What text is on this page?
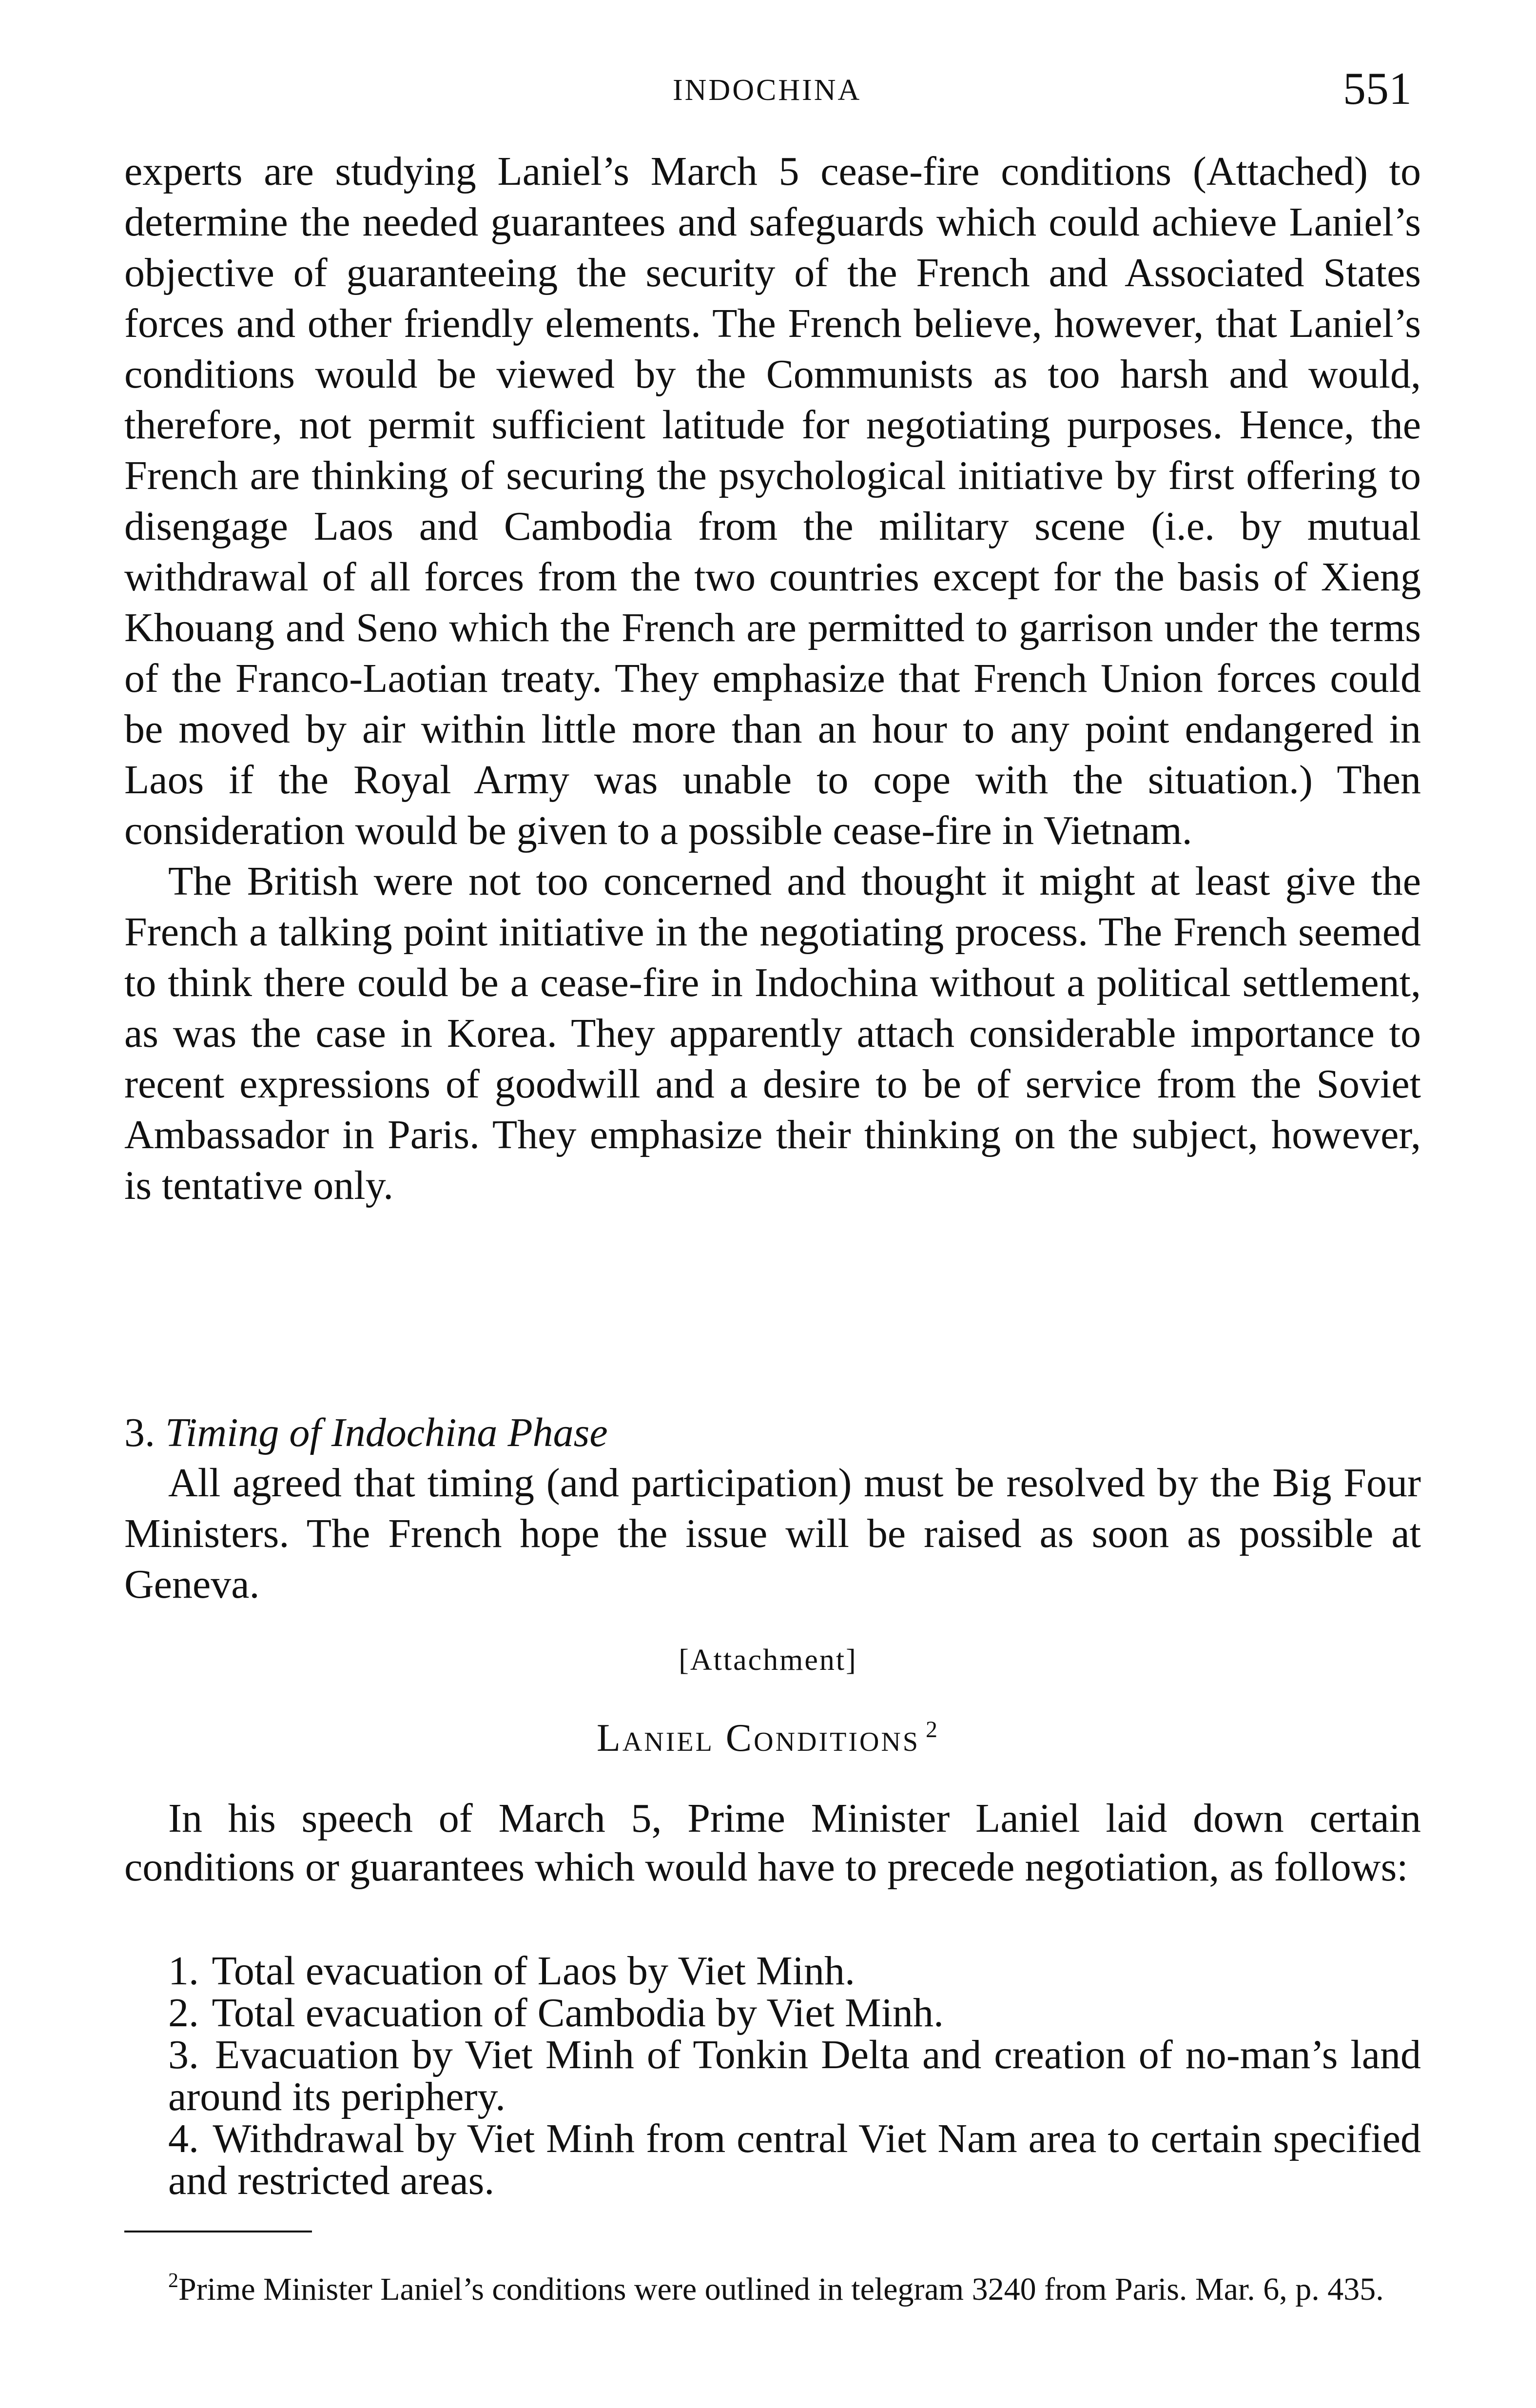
INDOCHINA	551

experts are studying Laniel’s March 5 cease-fire conditions (Attached) to determine the needed guarantees and safeguards which could achieve Laniel’s objective of guaranteeing the security of the French and Associated States forces and other friendly elements. The French believe, however, that Laniel’s conditions would be viewed by the Communists as too harsh and would, therefore, not permit sufficient latitude for negotiating purposes. Hence, the French are thinking of securing the psychological initiative by first offering to disengage Laos and Cambodia from the military scene (i.e. by mutual withdrawal of all forces from the two countries except for the basis of Xieng Khouang and Seno which the French are permitted to garrison under the terms of the Franco-Laotian treaty. They emphasize that French Union forces could be moved by air within little more than an hour to any point endangered in Laos if the Royal Army was unable to cope with the situation.) Then consideration would be given to a possible cease-fire in Vietnam.

The British were not too concerned and thought it might at least give the French a talking point initiative in the negotiating process. The French seemed to think there could be a cease-fire in Indochina without a political settlement, as was the case in Korea. They apparently attach considerable importance to recent expressions of goodwill and a desire to be of service from the Soviet Ambassador in Paris. They emphasize their thinking on the subject, however, is tentative only.

3. Timing of Indochina Phase
All agreed that timing (and participation) must be resolved by the Big Four Ministers. The French hope the issue will be raised as soon as possible at Geneva.
[Attachment]
Laniel Conditions $^2$
In his speech of March 5, Prime Minister Laniel laid down certain conditions or guarantees which would have to precede negotiation, as follows:
1. Total evacuation of Laos by Viet Minh.
2. Total evacuation of Cambodia by Viet Minh.
3. Evacuation by Viet Minh of Tonkin Delta and creation of no-man’s land around its periphery.
4. Withdrawal by Viet Minh from central Viet Nam area to certain specified and restricted areas.
$^2$Prime Minister Laniel’s conditions were outlined in telegram 3240 from Paris. Mar. 6, p. 435.
